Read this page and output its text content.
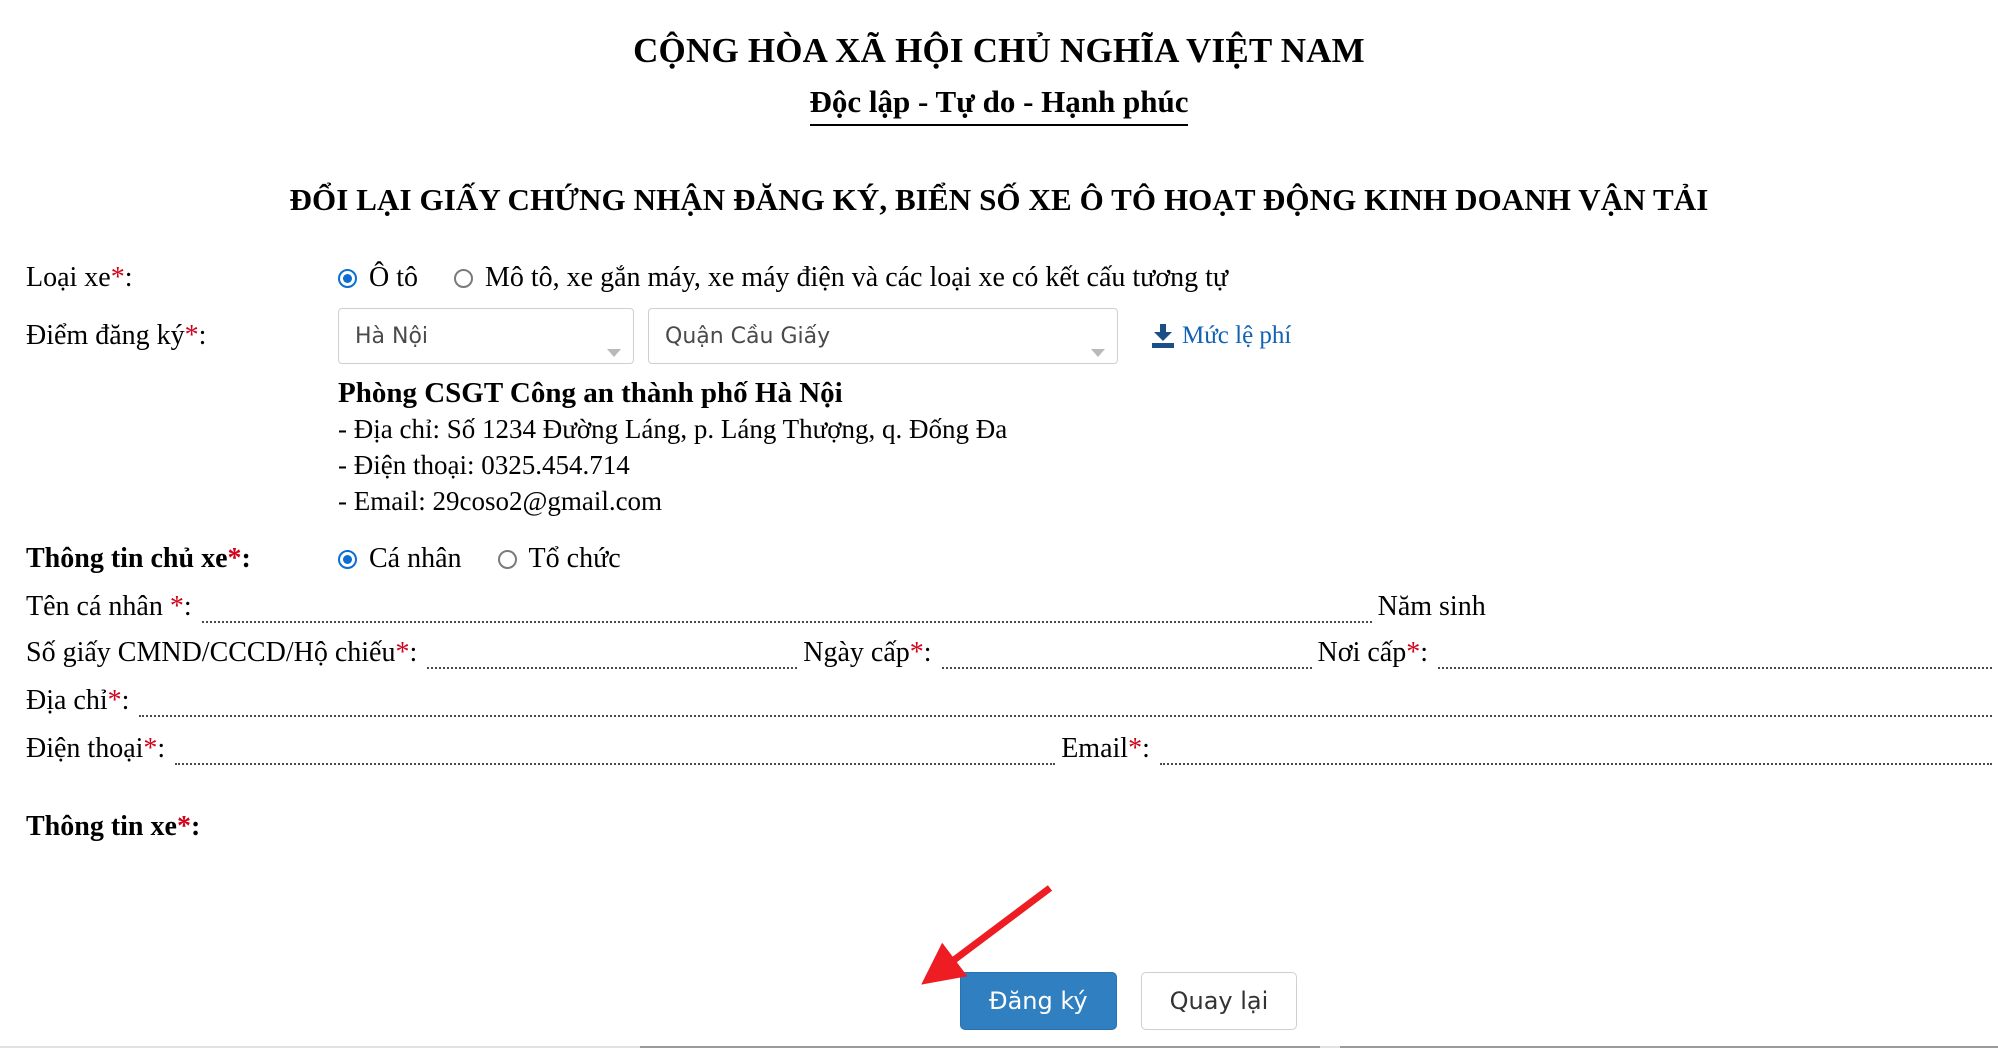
CỘNG HÒA XÃ HỘI CHỦ NGHĨA VIỆT NAM
Độc lập - Tự do - Hạnh phúc
ĐỔI LẠI GIẤY CHỨNG NHẬN ĐĂNG KÝ, BIỂN SỐ XE Ô TÔ HOẠT ĐỘNG KINH DOANH VẬN TẢI
Loại xe*:	Ô tô Mô tô, xe gắn máy, xe máy điện và các loại xe có kết cấu tương tự
Điểm đăng ký*:	Hà Nội	Quận Cầu Giấy	Mức lệ phí
Phòng CSGT Công an thành phố Hà Nội
- Địa chỉ: Số 1234 Đường Láng, p. Láng Thượng, q. Đống Đa
- Điện thoại: 0325.454.714
- Email: 29coso2@gmail.com
Thông tin chủ xe*:	Cá nhân Tổ chức
Tên cá nhân *:	Năm sinh
Số giấy CMND/CCCD/Hộ chiếu*:	Ngày cấp*:	Nơi cấp*:
Địa chỉ*:
Điện thoại*:	Email*:
Thông tin xe*:
Đăng ký	Quay lại
